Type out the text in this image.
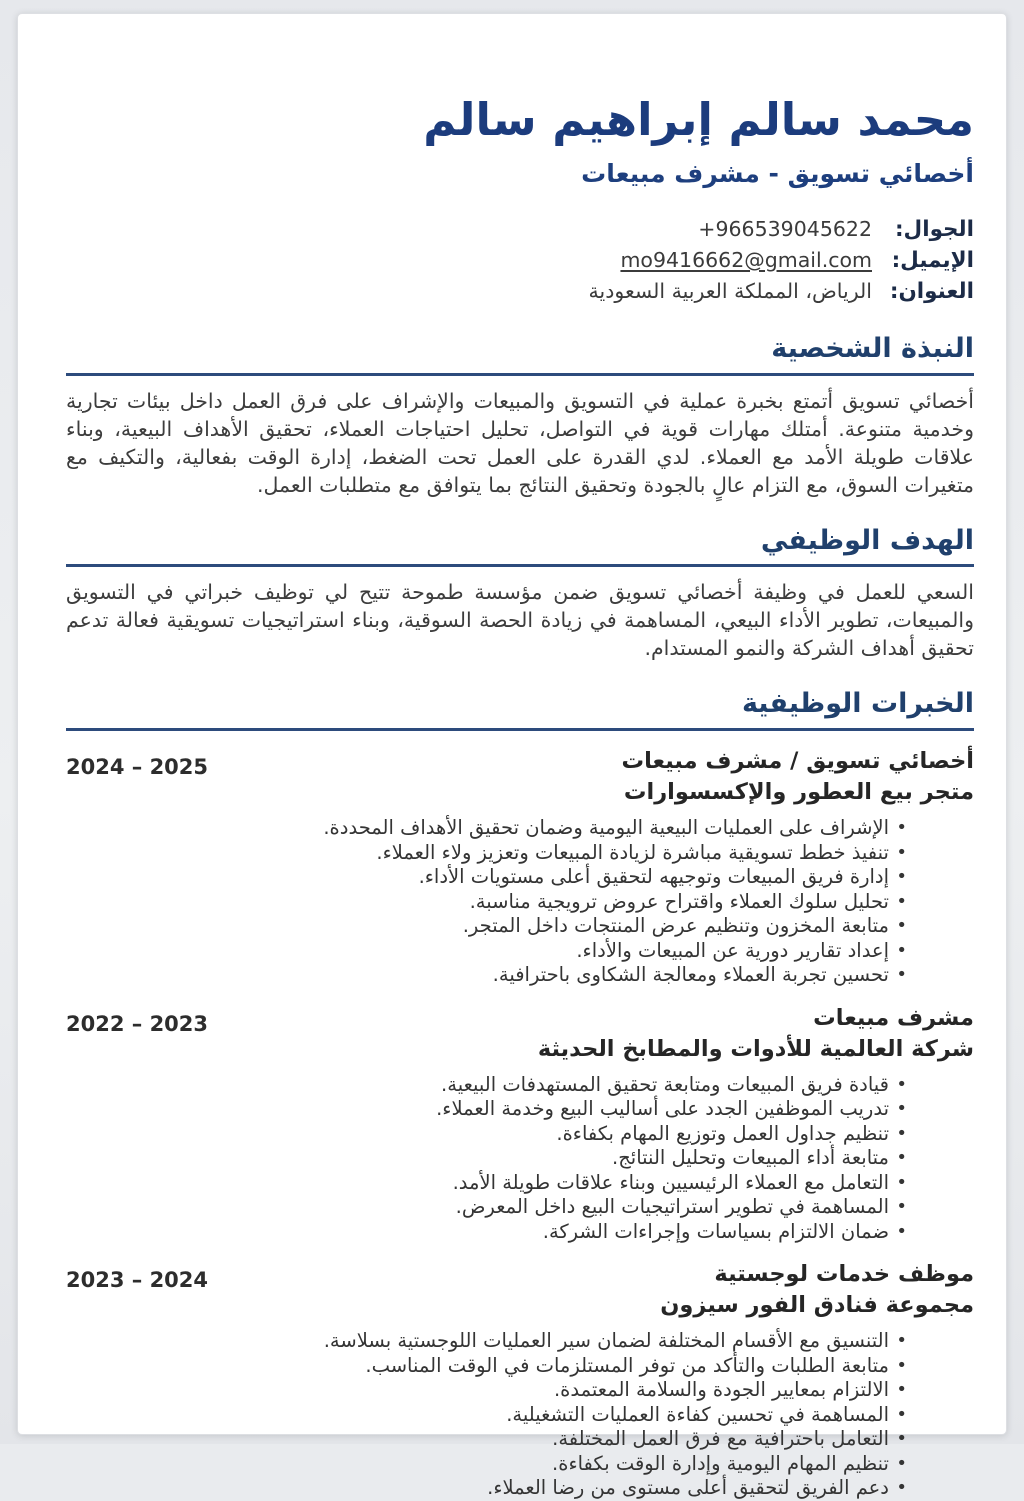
محمد سالم إبراهيم سالم
أخصائي تسويق - مشرف مبيعات
الجوال:
+966539045622
الإيميل:
mo9416662@gmail.com
العنوان:
الرياض، المملكة العربية السعودية
النبذة الشخصية

أخصائي تسويق أتمتع بخبرة عملية في التسويق والمبيعات والإشراف على فرق العمل داخل بيئات تجارية وخدمية متنوعة. أمتلك مهارات قوية في التواصل، تحليل احتياجات العملاء، تحقيق الأهداف البيعية، وبناء علاقات طويلة الأمد مع العملاء. لدي القدرة على العمل تحت الضغط، إدارة الوقت بفعالية، والتكيف مع متغيرات السوق، مع التزام عالٍ بالجودة وتحقيق النتائج بما يتوافق مع متطلبات العمل.

الهدف الوظيفي

السعي للعمل في وظيفة أخصائي تسويق ضمن مؤسسة طموحة تتيح لي توظيف خبراتي في التسويق والمبيعات، تطوير الأداء البيعي، المساهمة في زيادة الحصة السوقية، وبناء استراتيجيات تسويقية فعالة تدعم تحقيق أهداف الشركة والنمو المستدام.

الخبرات الوظيفية
أخصائي تسويق / مشرف مبيعات
متجر بيع العطور والإكسسوارات
2024 – 2025
• الإشراف على العمليات البيعية اليومية وضمان تحقيق الأهداف المحددة.
• تنفيذ خطط تسويقية مباشرة لزيادة المبيعات وتعزيز ولاء العملاء.
• إدارة فريق المبيعات وتوجيهه لتحقيق أعلى مستويات الأداء.
• تحليل سلوك العملاء واقتراح عروض ترويجية مناسبة.
• متابعة المخزون وتنظيم عرض المنتجات داخل المتجر.
• إعداد تقارير دورية عن المبيعات والأداء.
• تحسين تجربة العملاء ومعالجة الشكاوى باحترافية.
مشرف مبيعات
شركة العالمية للأدوات والمطابخ الحديثة
2022 – 2023
• قيادة فريق المبيعات ومتابعة تحقيق المستهدفات البيعية.
• تدريب الموظفين الجدد على أساليب البيع وخدمة العملاء.
• تنظيم جداول العمل وتوزيع المهام بكفاءة.
• متابعة أداء المبيعات وتحليل النتائج.
• التعامل مع العملاء الرئيسيين وبناء علاقات طويلة الأمد.
• المساهمة في تطوير استراتيجيات البيع داخل المعرض.
• ضمان الالتزام بسياسات وإجراءات الشركة.
موظف خدمات لوجستية
مجموعة فنادق الفور سيزون
2023 – 2024
• التنسيق مع الأقسام المختلفة لضمان سير العمليات اللوجستية بسلاسة.
• متابعة الطلبات والتأكد من توفر المستلزمات في الوقت المناسب.
• الالتزام بمعايير الجودة والسلامة المعتمدة.
• المساهمة في تحسين كفاءة العمليات التشغيلية.
• التعامل باحترافية مع فرق العمل المختلفة.
• تنظيم المهام اليومية وإدارة الوقت بكفاءة.
• دعم الفريق لتحقيق أعلى مستوى من رضا العملاء.
